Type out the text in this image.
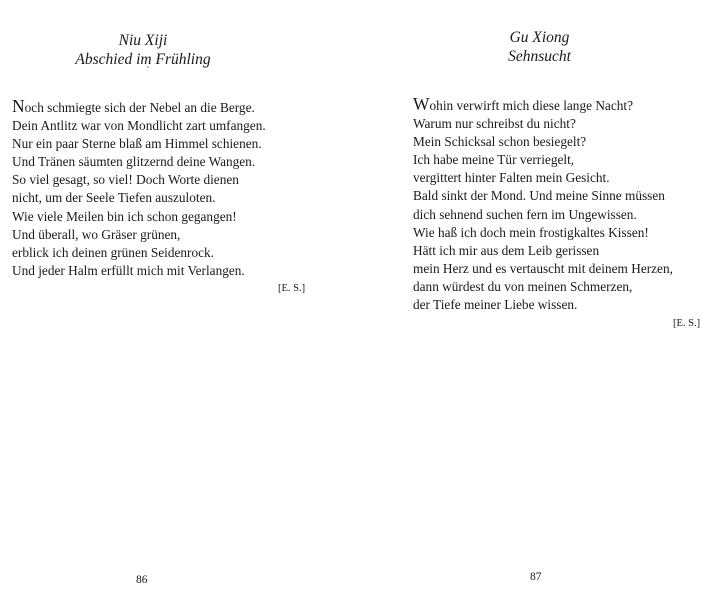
Niu Xiji
Abschied im Frühling
`
Noch schmiegte sich der Nebel an die Berge.
Dein Antlitz war von Mondlicht zart umfangen.
Nur ein paar Sterne blaß am Himmel schienen.
Und Tränen säumten glitzernd deine Wangen.
So viel gesagt, so viel! Doch Worte dienen
nicht, um der Seele Tiefen auszuloten.
Wie viele Meilen bin ich schon gegangen!
Und überall, wo Gräser grünen,
erblick ich deinen grünen Seidenrock.
Und jeder Halm erfüllt mich mit Verlangen.
[E. S.]
86
Gu Xiong
Sehnsucht
Wohin verwirft mich diese lange Nacht?
Warum nur schreibst du nicht?
Mein Schicksal schon besiegelt?
Ich habe meine Tür verriegelt,
vergittert hinter Falten mein Gesicht.
Bald sinkt der Mond. Und meine Sinne müssen
dich sehnend suchen fern im Ungewissen.
Wie haß ich doch mein frostigkaltes Kissen!
Hätt ich mir aus dem Leib gerissen
mein Herz und es vertauscht mit deinem Herzen,
dann würdest du von meinen Schmerzen,
der Tiefe meiner Liebe wissen.
[E. S.]
87
